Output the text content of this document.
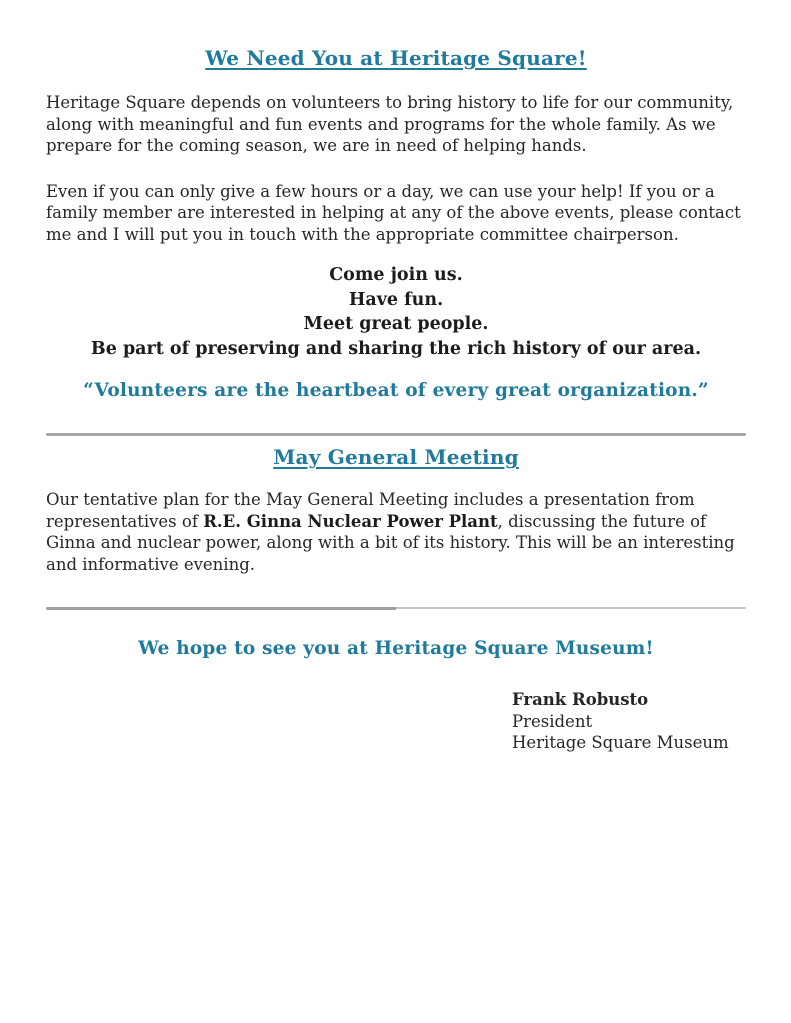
We Need You at Heritage Square!

Heritage Square depends on volunteers to bring history to life for our community, along with meaningful and fun events and programs for the whole family. As we prepare for the coming season, we are in need of helping hands.

Even if you can only give a few hours or a day, we can use your help! If you or a family member are interested in helping at any of the above events, please contact me and I will put you in touch with the appropriate committee chairperson.

Come join us.
Have fun.
Meet great people.
Be part of preserving and sharing the rich history of our area.
“Volunteers are the heartbeat of every great organization.”
May General Meeting

Our tentative plan for the May General Meeting includes a presentation from representatives of R.E. Ginna Nuclear Power Plant, discussing the future of Ginna and nuclear power, along with a bit of its history. This will be an interesting and informative evening.

We hope to see you at Heritage Square Museum!
Frank Robusto
President
Heritage Square Museum
